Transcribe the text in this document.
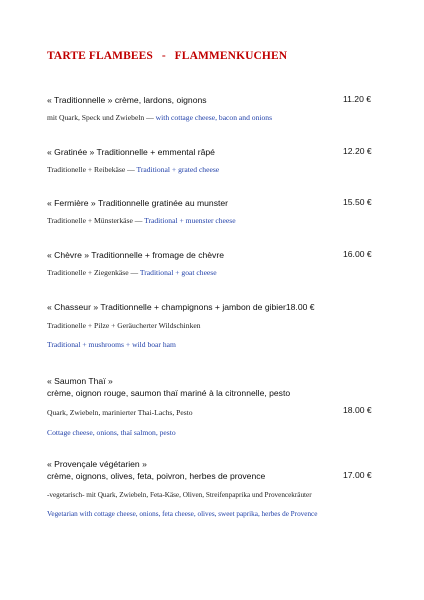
TARTE FLAMBEES   -   FLAMMENKUCHEN
« Traditionnelle » crème, lardons, oignons
mit Quark, Speck und Zwiebeln — with cottage cheese, bacon and onions
11.20 €
« Gratinée » Traditionnelle + emmental râpé
Traditionelle + Reibekäse — Traditional + grated cheese
12.20 €
« Fermière » Traditionnelle gratinée au munster
Traditionelle + Münsterkäse — Traditional + muenster cheese
15.50 €
« Chèvre » Traditionnelle + fromage de chèvre
Traditionelle + Ziegenkäse — Traditional + goat cheese
16.00 €
« Chasseur » Traditionnelle + champignons + jambon de gibier18.00 €
Traditionelle + Pilze + Geräucherter Wildschinken
Traditional + mushrooms + wild boar ham
« Saumon Thaï »
crème, oignon rouge, saumon thaï mariné à la citronnelle, pesto
Quark, Zwiebeln, marinierter Thai-Lachs, Pesto
Cottage cheese, onions, thaï salmon, pesto
18.00 €
« Provençale végétarien »
crème, oignons, olives, feta, poivron, herbes de provence
-vegetarisch- mit Quark, Zwiebeln, Feta-Käse, Oliven, Streifenpaprika und Provencekräuter
Vegetarian with cottage cheese, onions, feta cheese, olives, sweet paprika, herbes de Provence
17.00 €
